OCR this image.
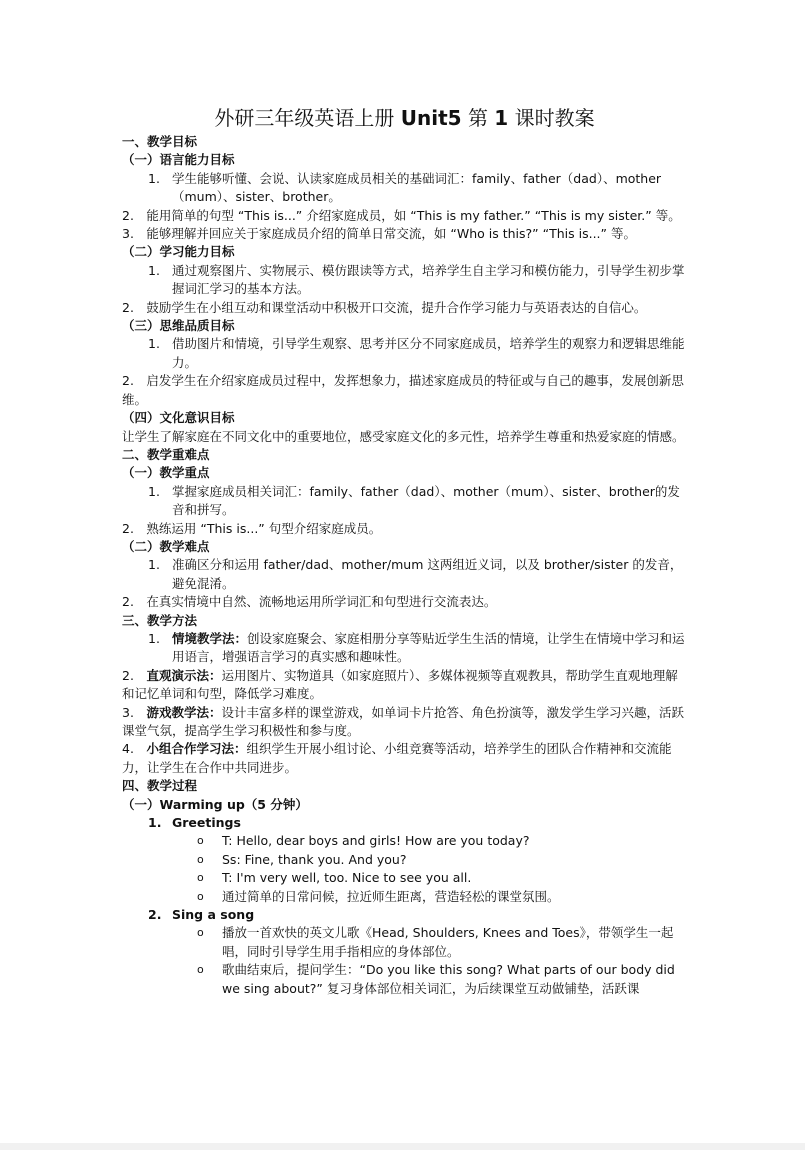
外研三年级英语上册 Unit5 第 1 课时教案
一、教学目标
（一）语言能力目标
1. 学生能够听懂、会说、认读家庭成员相关的基础词汇：family、father（dad）、mother（mum）、sister、brother。
2.　能用简单的句型 “This is...” 介绍家庭成员，如 “This is my father.” “This is my sister.” 等。
3.　能够理解并回应关于家庭成员介绍的简单日常交流，如 “Who is this?” “This is...” 等。
（二）学习能力目标
1. 通过观察图片、实物展示、模仿跟读等方式，培养学生自主学习和模仿能力，引导学生初步掌握词汇学习的基本方法。
2.　鼓励学生在小组互动和课堂活动中积极开口交流，提升合作学习能力与英语表达的自信心。
（三）思维品质目标
1. 借助图片和情境，引导学生观察、思考并区分不同家庭成员，培养学生的观察力和逻辑思维能力。
2.　启发学生在介绍家庭成员过程中，发挥想象力，描述家庭成员的特征或与自己的趣事，发展创新思维。
（四）文化意识目标
让学生了解家庭在不同文化中的重要地位，感受家庭文化的多元性，培养学生尊重和热爱家庭的情感。
二、教学重难点
（一）教学重点
1. 掌握家庭成员相关词汇：family、father（dad）、mother（mum）、sister、brother的发音和拼写。
2.　熟练运用 “This is...” 句型介绍家庭成员。
（二）教学难点
1. 准确区分和运用 father/dad、mother/mum 这两组近义词，以及 brother/sister 的发音，避免混淆。
2.　在真实情境中自然、流畅地运用所学词汇和句型进行交流表达。
三、教学方法
1. 情境教学法：创设家庭聚会、家庭相册分享等贴近学生生活的情境，让学生在情境中学习和运用语言，增强语言学习的真实感和趣味性。
2.　直观演示法：运用图片、实物道具（如家庭照片）、多媒体视频等直观教具，帮助学生直观地理解和记忆单词和句型，降低学习难度。
3.　游戏教学法：设计丰富多样的课堂游戏，如单词卡片抢答、角色扮演等，激发学生学习兴趣，活跃课堂气氛，提高学生学习积极性和参与度。
4.　小组合作学习法：组织学生开展小组讨论、小组竞赛等活动，培养学生的团队合作精神和交流能力，让学生在合作中共同进步。
四、教学过程
（一）Warming up（5 分钟）
1. Greetings
o T: Hello, dear boys and girls! How are you today?
o Ss: Fine, thank you. And you?
o T: I'm very well, too. Nice to see you all.
o 通过简单的日常问候，拉近师生距离，营造轻松的课堂氛围。
2. Sing a song
o 播放一首欢快的英文儿歌《Head, Shoulders, Knees and Toes》，带领学生一起唱，同时引导学生用手指相应的身体部位。
o 歌曲结束后，提问学生：“Do you like this song? What parts of our body did we sing about?” 复习身体部位相关词汇，为后续课堂互动做铺垫，活跃课
